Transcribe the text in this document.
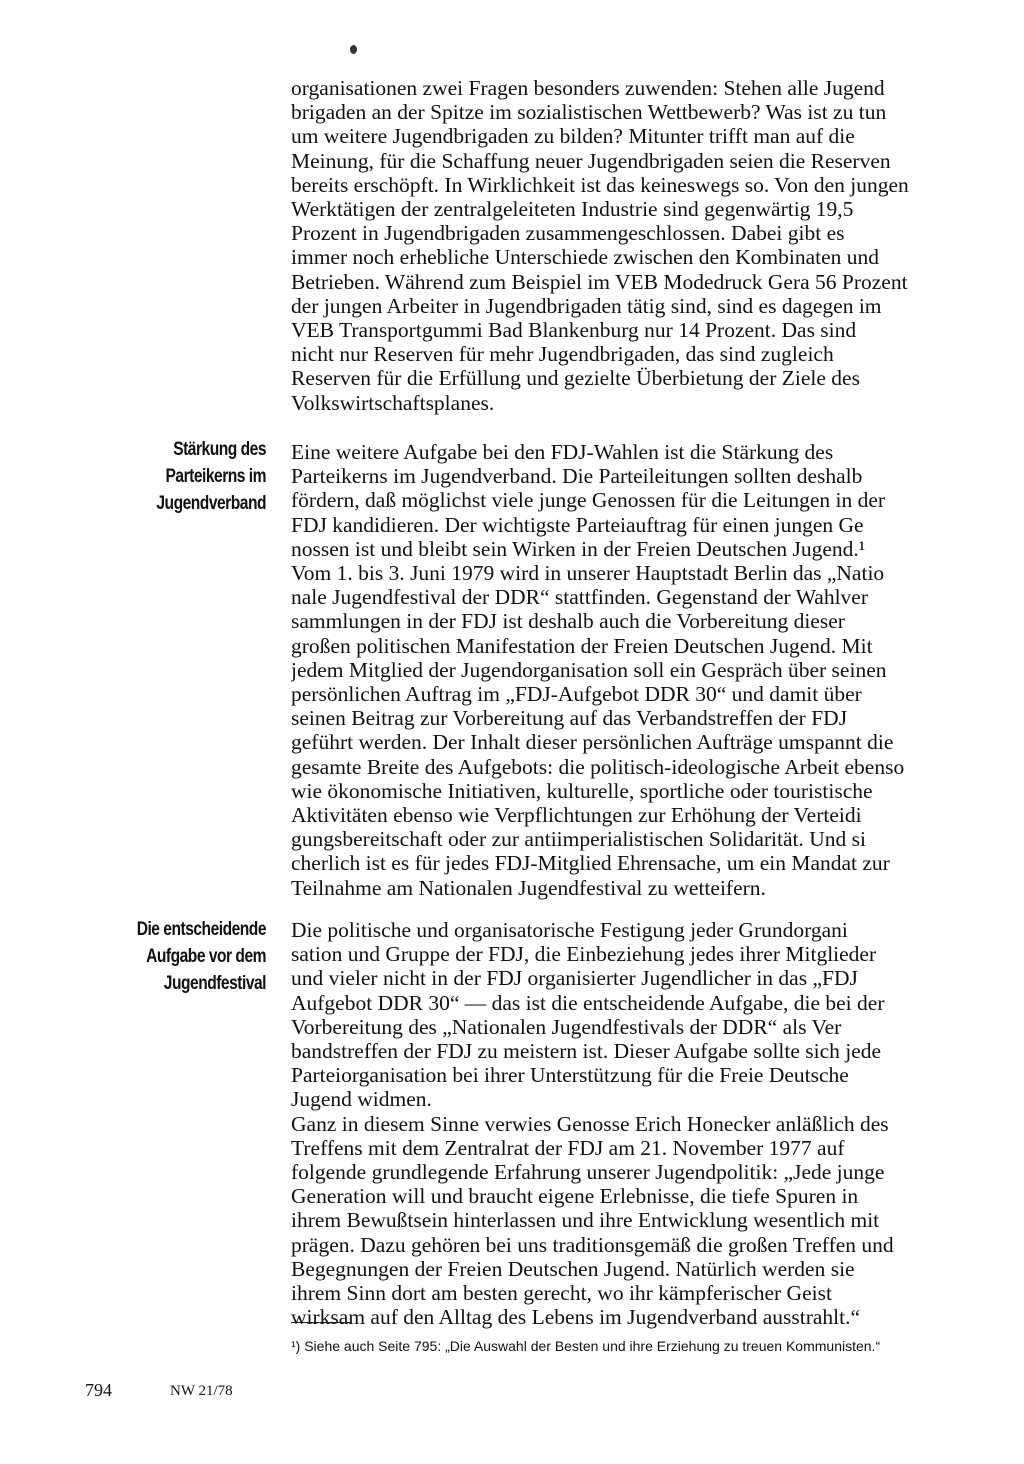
organisationen zwei Fragen besonders zuwenden: Stehen alle Jugend
brigaden an der Spitze im sozialistischen Wettbewerb? Was ist zu tun
um weitere Jugendbrigaden zu bilden? Mitunter trifft man auf die
Meinung, für die Schaffung neuer Jugendbrigaden seien die Reserven
bereits erschöpft. In Wirklichkeit ist das keineswegs so. Von den jungen
Werktätigen der zentralgeleiteten Industrie sind gegenwärtig 19,5
Prozent in Jugendbrigaden zusammengeschlossen. Dabei gibt es
immer noch erhebliche Unterschiede zwischen den Kombinaten und
Betrieben. Während zum Beispiel im VEB Modedruck Gera 56 Prozent
der jungen Arbeiter in Jugendbrigaden tätig sind, sind es dagegen im
VEB Transportgummi Bad Blankenburg nur 14 Prozent. Das sind
nicht nur Reserven für mehr Jugendbrigaden, das sind zugleich
Reserven für die Erfüllung und gezielte Überbietung der Ziele des
Volkswirtschaftsplanes.
Stärkung des
Parteikerns im
Jugendverband
Eine weitere Aufgabe bei den FDJ-Wahlen ist die Stärkung des
Parteikerns im Jugendverband. Die Parteileitungen sollten deshalb
fördern, daß möglichst viele junge Genossen für die Leitungen in der
FDJ kandidieren. Der wichtigste Parteiauftrag für einen jungen Ge
nossen ist und bleibt sein Wirken in der Freien Deutschen Jugend.¹
Vom 1. bis 3. Juni 1979 wird in unserer Hauptstadt Berlin das „Natio
nale Jugendfestival der DDR“ stattfinden. Gegenstand der Wahlver
sammlungen in der FDJ ist deshalb auch die Vorbereitung dieser
großen politischen Manifestation der Freien Deutschen Jugend. Mit
jedem Mitglied der Jugendorganisation soll ein Gespräch über seinen
persönlichen Auftrag im „FDJ-Aufgebot DDR 30“ und damit über
seinen Beitrag zur Vorbereitung auf das Verbandstreffen der FDJ
geführt werden. Der Inhalt dieser persönlichen Aufträge umspannt die
gesamte Breite des Aufgebots: die politisch-ideologische Arbeit ebenso
wie ökonomische Initiativen, kulturelle, sportliche oder touristische
Aktivitäten ebenso wie Verpflichtungen zur Erhöhung der Verteidi
gungsbereitschaft oder zur antiimperialistischen Solidarität. Und si
cherlich ist es für jedes FDJ-Mitglied Ehrensache, um ein Mandat zur
Teilnahme am Nationalen Jugendfestival zu wetteifern.
Die entscheidende
Aufgabe vor dem
Jugendfestival
Die politische und organisatorische Festigung jeder Grundorgani
sation und Gruppe der FDJ, die Einbeziehung jedes ihrer Mitglieder
und vieler nicht in der FDJ organisierter Jugendlicher in das „FDJ
Aufgebot DDR 30“ — das ist die entscheidende Aufgabe, die bei der
Vorbereitung des „Nationalen Jugendfestivals der DDR“ als Ver
bandstreffen der FDJ zu meistern ist. Dieser Aufgabe sollte sich jede
Parteiorganisation bei ihrer Unterstützung für die Freie Deutsche
Jugend widmen.
Ganz in diesem Sinne verwies Genosse Erich Honecker anläßlich des
Treffens mit dem Zentralrat der FDJ am 21. November 1977 auf
folgende grundlegende Erfahrung unserer Jugendpolitik: „Jede junge
Generation will und braucht eigene Erlebnisse, die tiefe Spuren in
ihrem Bewußtsein hinterlassen und ihre Entwicklung wesentlich mit
prägen. Dazu gehören bei uns traditionsgemäß die großen Treffen und
Begegnungen der Freien Deutschen Jugend. Natürlich werden sie
ihrem Sinn dort am besten gerecht, wo ihr kämpferischer Geist
wirksam auf den Alltag des Lebens im Jugendverband ausstrahlt.“
¹) Siehe auch Seite 795: „Die Auswahl der Besten und ihre Erziehung zu treuen Kommunisten.“
794	NW 21/78
